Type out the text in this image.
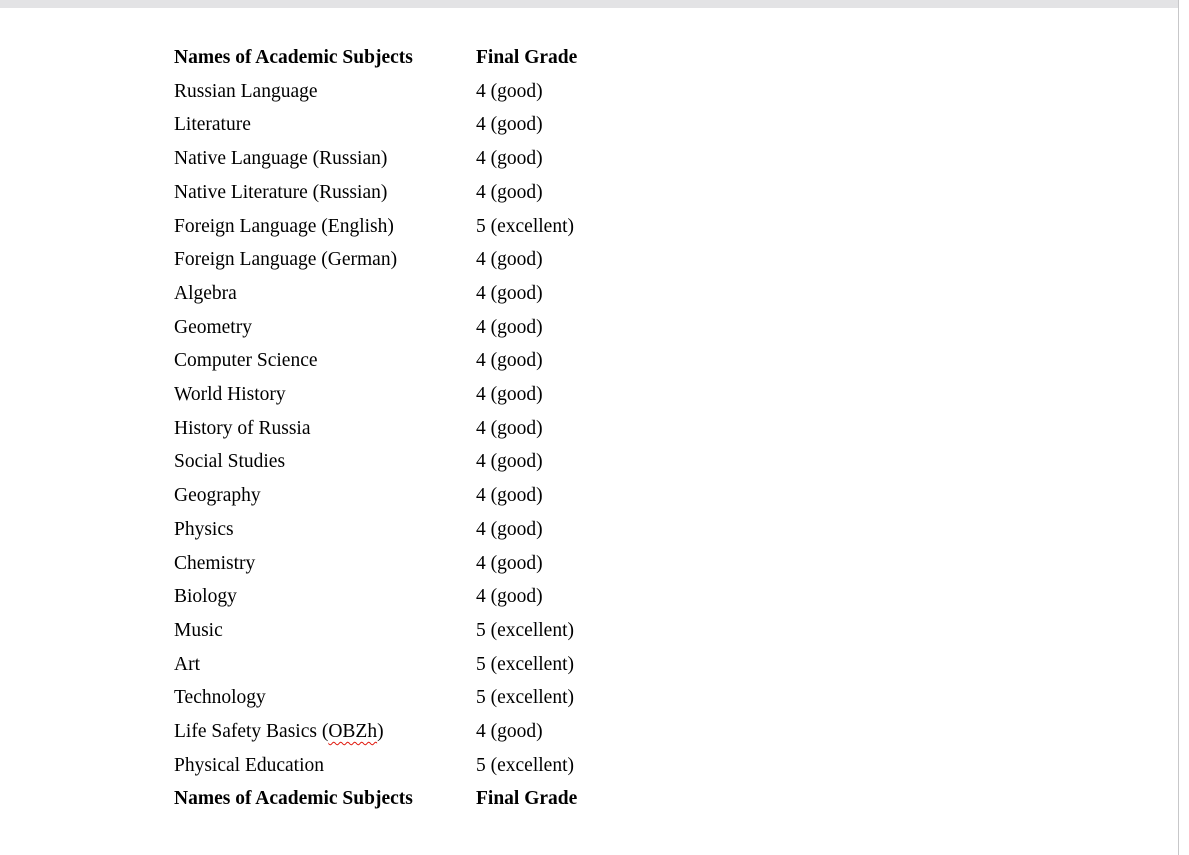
Names of Academic Subjects	Final Grade
Russian Language	4 (good)
Literature	4 (good)
Native Language (Russian)	4 (good)
Native Literature (Russian)	4 (good)
Foreign Language (English)	5 (excellent)
Foreign Language (German)	4 (good)
Algebra	4 (good)
Geometry	4 (good)
Computer Science	4 (good)
World History	4 (good)
History of Russia	4 (good)
Social Studies	4 (good)
Geography	4 (good)
Physics	4 (good)
Chemistry	4 (good)
Biology	4 (good)
Music	5 (excellent)
Art	5 (excellent)
Technology	5 (excellent)
Life Safety Basics (OBZh)	4 (good)
Physical Education	5 (excellent)
Names of Academic Subjects	Final Grade
